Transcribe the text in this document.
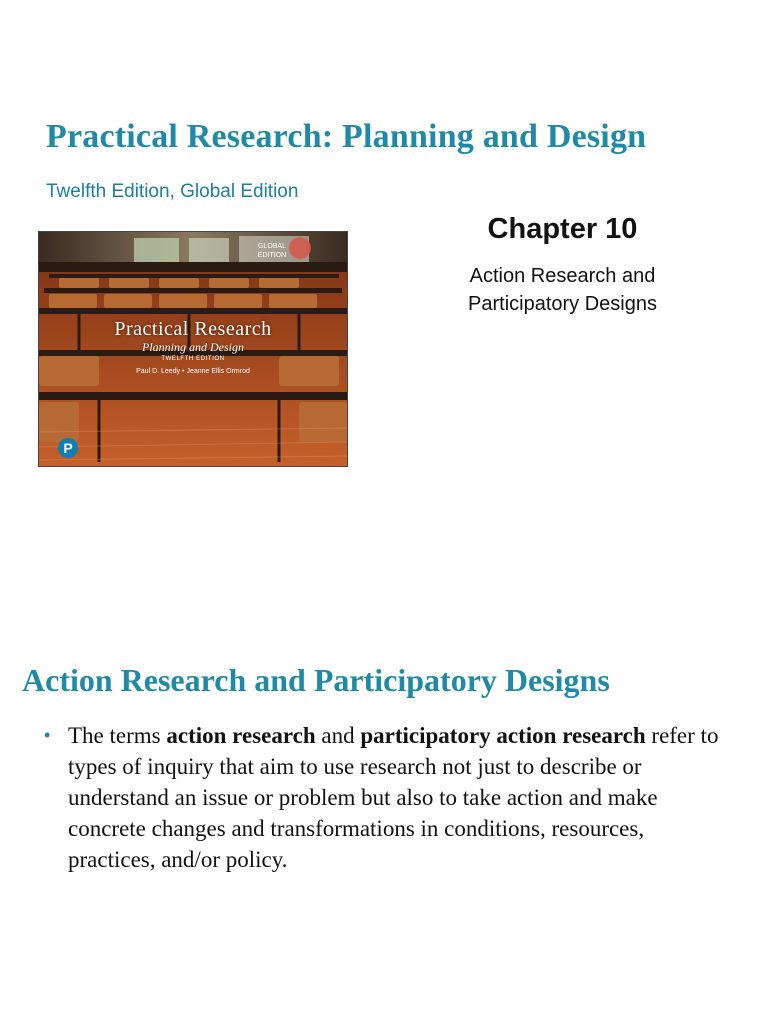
Practical Research: Planning and Design

Twelfth Edition, Global Edition

GLOBAL EDITION
Practical Research
Planning and Design
TWELFTH EDITION
Paul D. Leedy • Jeanne Ellis Ormrod
P

Chapter 10

Action Research and
Participatory Designs

Action Research and Participatory Designs
• The terms action research and participatory action research refer to types of inquiry that aim to use research not just to describe or understand an issue or problem but also to take action and make concrete changes and transformations in conditions, resources, practices, and/or policy.
